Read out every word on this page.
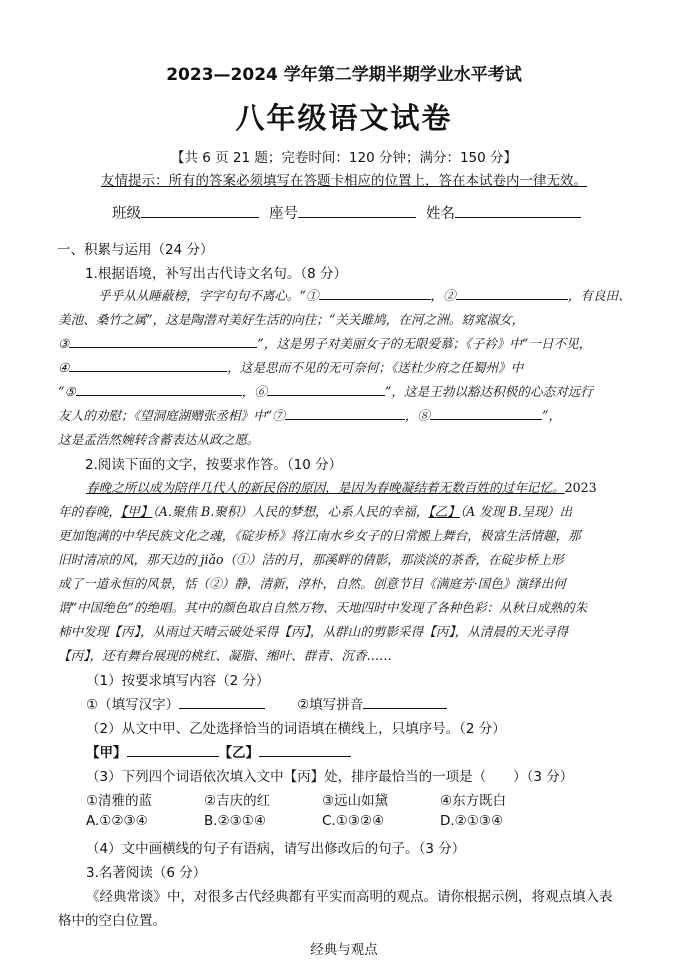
2023—2024 学年第二学期半期学业水平考试
八年级语文试卷
【共 6 页 21 题；完卷时间：120 分钟；满分：150 分】
友情提示：所有的答案必须填写在答题卡相应的位置上，答在本试卷内一律无效。
班级	座号	姓名
一、积累与运用（24 分）
1.根据语境，补写出古代诗文名句。（8 分）
乎乎从从睡蔽榜，字字句句不离心。“①	，②	，有良田、
美池、桑竹之属”，这是陶潜对美好生活的向往；“关关雎鸠，在河之洲。窈窕淑女，
③	”，这是男子对美丽女子的无限爱慕；《子衿》中“一日不见，
④	，这是思而不见的无可奈何；《送杜少府之任蜀州》中
“⑤	，⑥	”，这是王勃以豁达积极的心态对远行
友人的劝慰；《望洞庭湖赠张丞相》中“⑦	，⑧	”，
这是孟浩然婉转含蓄表达从政之愿。
2.阅读下面的文字，按要求作答。（10 分）
春晚之所以成为陪伴几代人的新民俗的原因，是因为春晚凝结着无数百姓的过年记忆。2023
年的春晚，【甲】（A.聚焦 B.聚积）人民的梦想，心系人民的幸福，【乙】（A 发现 B.呈现）出
更加饱满的中华民族文化之魂，《碇步桥》将江南水乡女子的日常搬上舞台，极富生活情趣，那
旧时清凉的风，那天边的 jiǎo（①）洁的月，那溪畔的倩影，那淡淡的茶香，在碇步桥上形
成了一道永恒的风景，恬（②）静，清新，淳朴，自然。创意节目《满庭芳·国色》演绎出何
谓“中国绝色”的绝唱。其中的颜色取自自然万物、天地四时中发现了各种色彩：从秋日成熟的朱
柿中发现【丙】，从雨过天晴云破处采得【丙】，从群山的剪影采得【丙】，从清晨的天光寻得
【丙】，还有舞台展现的桃红、凝脂、缃叶、群青、沉香……
（1）按要求填写内容（2 分）
①（填写汉字）	②填写拼音
（2）从文中甲、乙处选择恰当的词语填在横线上，只填序号。（2 分）
【甲】	【乙】
（3）下列四个词语依次填入文中【丙】处，排序最恰当的一项是（　　）（3 分）
①清雅的蓝	②吉庆的红	③远山如黛	④东方既白
A.①②③④	B.②③①④	C.①③②④	D.②①③④
（4）文中画横线的句子有语病，请写出修改后的句子。（3 分）
3.名著阅读（6 分）
《经典常谈》中，对很多古代经典都有平实而高明的观点。请你根据示例，将观点填入表
格中的空白位置。
经典与观点
